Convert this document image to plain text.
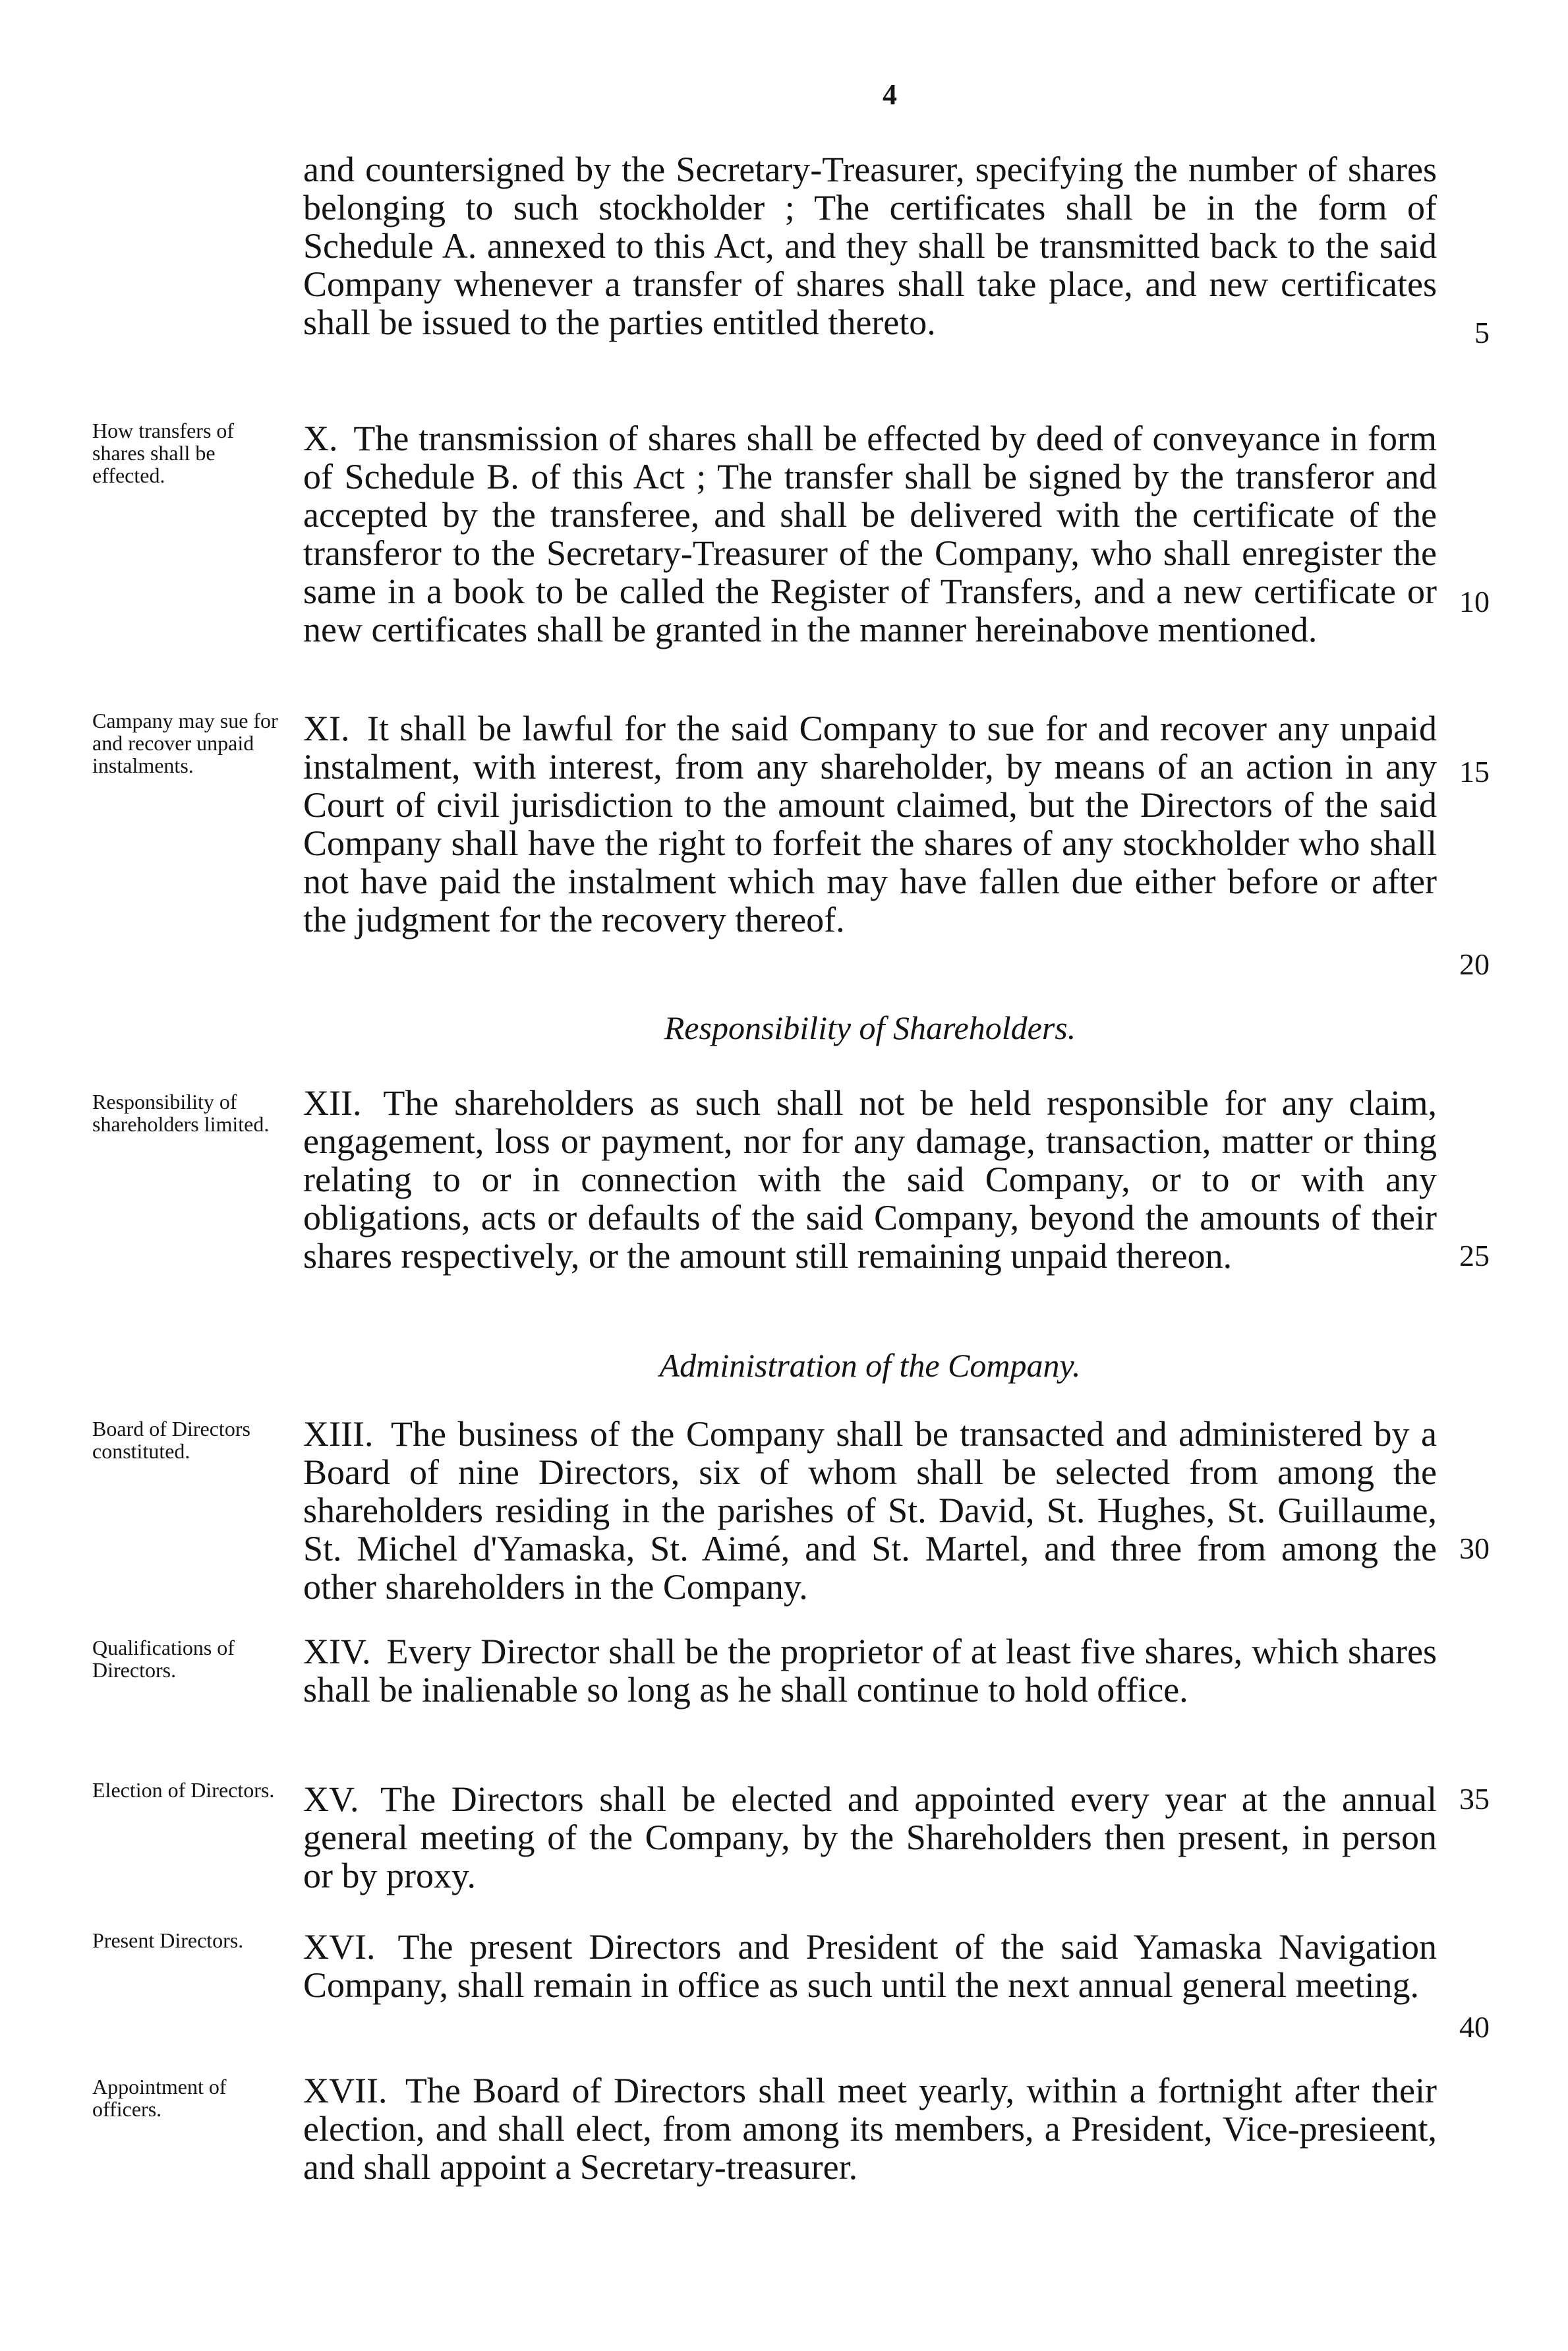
4
and countersigned by the Secretary-Treasurer, specifying the number of shares belonging to such stockholder ; The certificates shall be in the form of Schedule A. annexed to this Act, and they shall be transmitted back to the said Company whenever a transfer of shares shall take place, and new certificates shall be issued to the parties entitled thereto.	5
How transfers of shares shall be effected.
X. The transmission of shares shall be effected by deed of conveyance in form of Schedule B. of this Act ; The transfer shall be signed by the transferor and accepted by the transferee, and shall be delivered with the certificate of the transferor to the Secretary-Treasurer of the Company, who shall enregister the same in a book to be called the Register of Transfers, and a new certificate or new certificates shall be granted in the manner hereinabove mentioned.
10
Campany may sue for and recover unpaid instalments.
XI. It shall be lawful for the said Company to sue for and recover any unpaid instalment, with interest, from any shareholder, by means of an action in any Court of civil jurisdiction to the amount claimed, but the Directors of the said Company shall have the right to forfeit the shares of any stockholder who shall not have paid the instalment which may have fallen due either before or after the judgment for the recovery thereof.
15
20
Responsibility of Shareholders.
Responsibility of shareholders limited.
XII. The shareholders as such shall not be held responsible for any claim, engagement, loss or payment, nor for any damage, transaction, matter or thing relating to or in connection with the said Company, or to or with any obligations, acts or defaults of the said Company, beyond the amounts of their shares respectively, or the amount still remaining unpaid thereon.	25
Administration of the Company.
Board of Directors constituted.	XIII. The business of the Company shall be transacted and administered by a Board of nine Directors, six of whom shall be selected from among the shareholders residing in the parishes of St. David, St. Hughes, St. Guillaume, St. Michel d'Yamaska, St. Aimé, and St. Martel, and three from among the other shareholders in the Company.
30
Qualifications of Directors.	XIV. Every Director shall be the proprietor of at least five shares, which shares shall be inalienable so long as he shall continue to hold office.
Election of Directors. XV. The Directors shall be elected and appointed every year at the annual general meeting of the Company, by the Shareholders then present, in person or by proxy.
35
Present Directors.	XVI. The present Directors and President of the said Yamaska Navigation Company, shall remain in office as such until the next annual general meeting.
40
Appointment of officers.	XVII. The Board of Directors shall meet yearly, within a fortnight after their election, and shall elect, from among its members, a President, Vice-presieent, and shall appoint a Secretary-treasurer.
